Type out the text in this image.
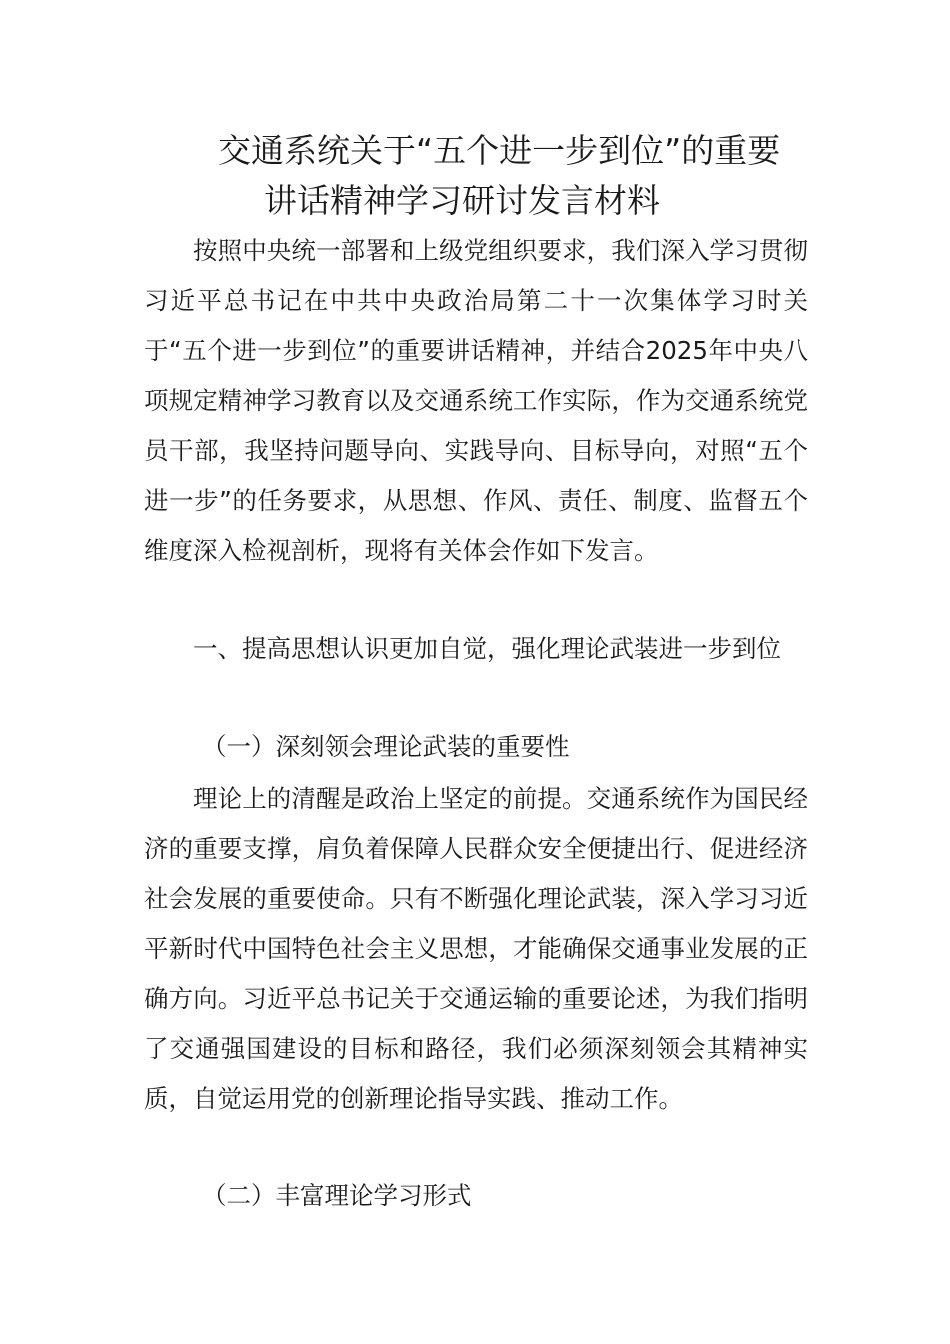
交通系统关于“五个进一步到位”的重要
讲话精神学习研讨发言材料
按照中央统一部署和上级党组织要求，我们深入学习贯彻习近平总书记在中共中央政治局第二十一次集体学习时关于“五个进一步到位”的重要讲话精神，并结合2025年中央八项规定精神学习教育以及交通系统工作实际，作为交通系统党员干部，我坚持问题导向、实践导向、目标导向，对照“五个进一步”的任务要求，从思想、作风、责任、制度、监督五个维度深入检视剖析，现将有关体会作如下发言。
一、提高思想认识更加自觉，强化理论武装进一步到位
（一）深刻领会理论武装的重要性
理论上的清醒是政治上坚定的前提。交通系统作为国民经济的重要支撑，肩负着保障人民群众安全便捷出行、促进经济社会发展的重要使命。只有不断强化理论武装，深入学习习近平新时代中国特色社会主义思想，才能确保交通事业发展的正确方向。习近平总书记关于交通运输的重要论述，为我们指明了交通强国建设的目标和路径，我们必须深刻领会其精神实质，自觉运用党的创新理论指导实践、推动工作。
（二）丰富理论学习形式
